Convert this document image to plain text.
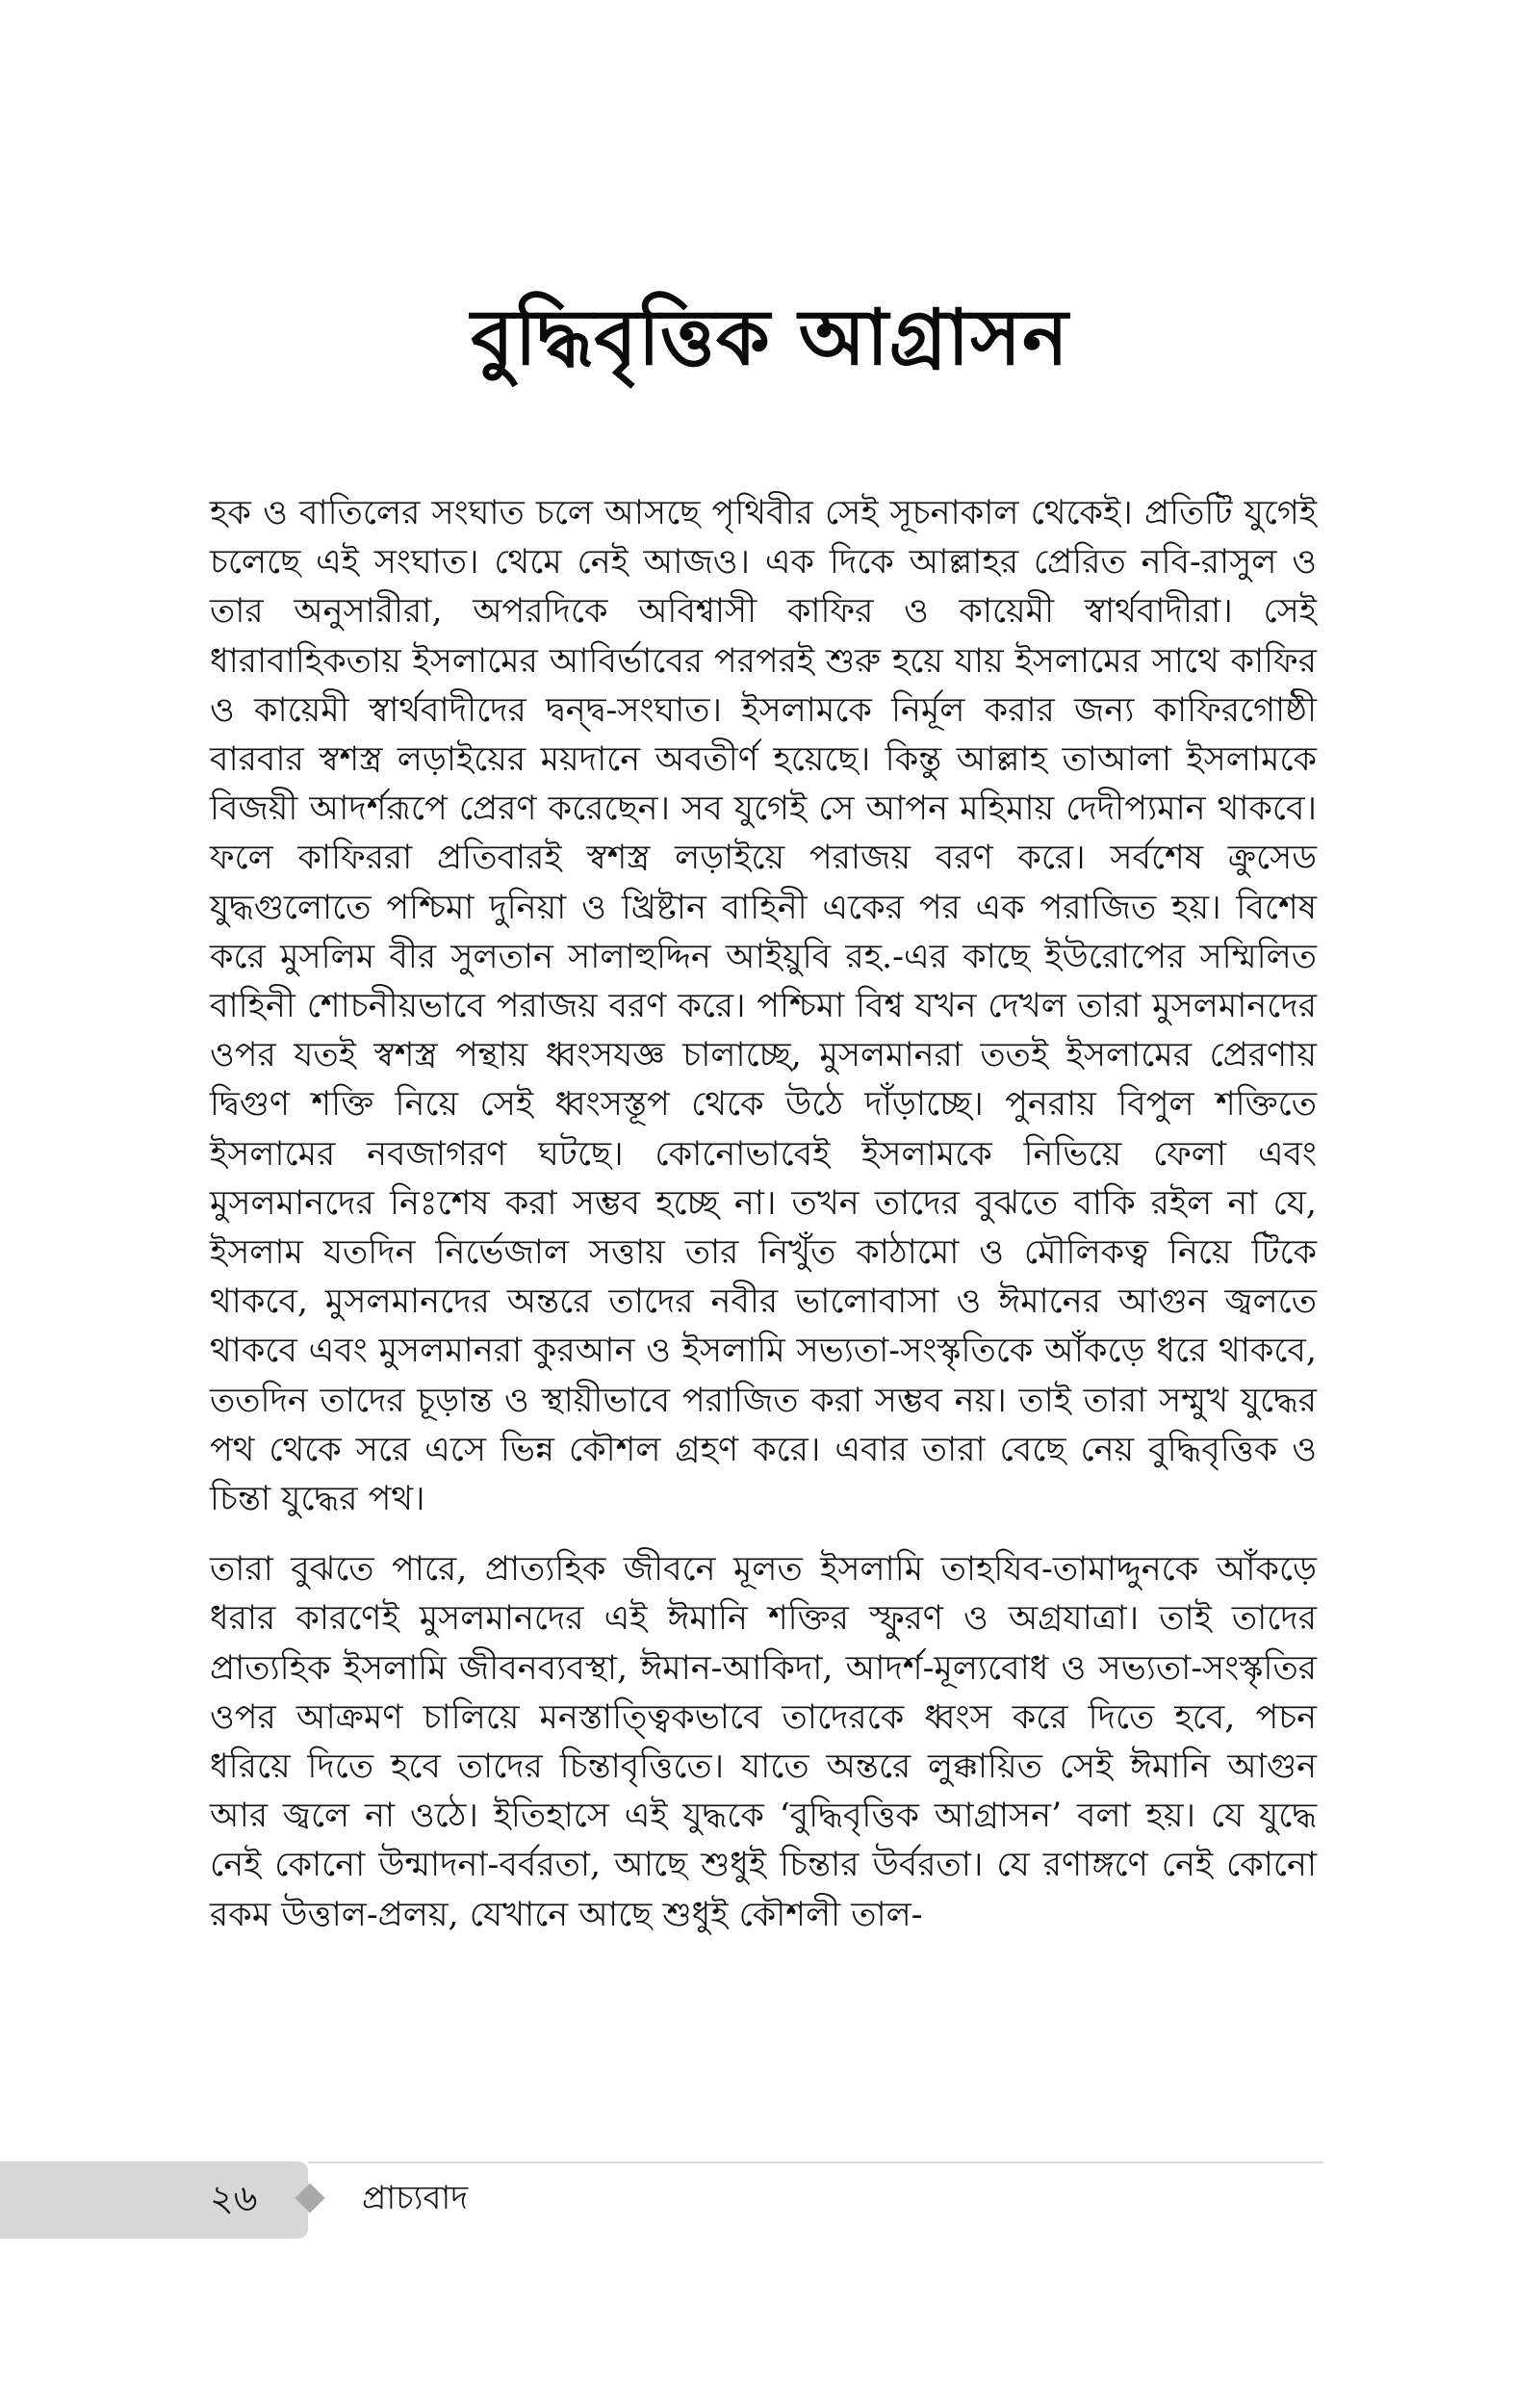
বুদ্ধিবৃত্তিক আগ্রাসন

হক ও বাতিলের সংঘাত চলে আসছে পৃথিবীর সেই সূচনাকাল থেকেই। প্রতিটি যুগেই চলেছে এই সংঘাত। থেমে নেই আজও। এক দিকে আল্লাহর প্রেরিত নবি-রাসুল ও তার অনুসারীরা, অপরদিকে অবিশ্বাসী কাফির ও কায়েমী স্বার্থবাদীরা। সেই ধারাবাহিকতায় ইসলামের আবির্ভাবের পরপরই শুরু হয়ে যায় ইসলামের সাথে কাফির ও কায়েমী স্বার্থবাদীদের দ্বন্দ্ব-সংঘাত। ইসলামকে নির্মূল করার জন্য কাফিরগোষ্ঠী বারবার স্বশস্ত্র লড়াইয়ের ময়দানে অবতীর্ণ হয়েছে। কিন্তু আল্লাহ তাআলা ইসলামকে বিজয়ী আদর্শরূপে প্রেরণ করেছেন। সব যুগেই সে আপন মহিমায় দেদীপ্যমান থাকবে। ফলে কাফিররা প্রতিবারই স্বশস্ত্র লড়াইয়ে পরাজয় বরণ করে। সর্বশেষ ক্রুসেড যুদ্ধগুলোতে পশ্চিমা দুনিয়া ও খ্রিষ্টান বাহিনী একের পর এক পরাজিত হয়। বিশেষ করে মুসলিম বীর সুলতান সালাহুদ্দিন আইয়ুবি রহ.-এর কাছে ইউরোপের সম্মিলিত বাহিনী শোচনীয়ভাবে পরাজয় বরণ করে। পশ্চিমা বিশ্ব যখন দেখল তারা মুসলমানদের ওপর যতই স্বশস্ত্র পন্থায় ধ্বংসযজ্ঞ চালাচ্ছে, মুসলমানরা ততই ইসলামের প্রেরণায় দ্বিগুণ শক্তি নিয়ে সেই ধ্বংসস্তূপ থেকে উঠে দাঁড়াচ্ছে। পুনরায় বিপুল শক্তিতে ইসলামের নবজাগরণ ঘটছে। কোনোভাবেই ইসলামকে নিভিয়ে ফেলা এবং মুসলমানদের নিঃশেষ করা সম্ভব হচ্ছে না। তখন তাদের বুঝতে বাকি রইল না যে, ইসলাম যতদিন নির্ভেজাল সত্তায় তার নিখুঁত কাঠামো ও মৌলিকত্ব নিয়ে টিকে থাকবে, মুসলমানদের অন্তরে তাদের নবীর ভালোবাসা ও ঈমানের আগুন জ্বলতে থাকবে এবং মুসলমানরা কুরআন ও ইসলামি সভ্যতা-সংস্কৃতিকে আঁকড়ে ধরে থাকবে, ততদিন তাদের চূড়ান্ত ও স্থায়ীভাবে পরাজিত করা সম্ভব নয়। তাই তারা সম্মুখ যুদ্ধের পথ থেকে সরে এসে ভিন্ন কৌশল গ্রহণ করে। এবার তারা বেছে নেয় বুদ্ধিবৃত্তিক ও চিন্তা যুদ্ধের পথ।

তারা বুঝতে পারে, প্রাত্যহিক জীবনে মূলত ইসলামি তাহযিব-তামাদ্দুনকে আঁকড়ে ধরার কারণেই মুসলমানদের এই ঈমানি শক্তির স্ফুরণ ও অগ্রযাত্রা। তাই তাদের প্রাত্যহিক ইসলামি জীবনব্যবস্থা, ঈমান-আকিদা, আদর্শ-মূল্যবোধ ও সভ্যতা-সংস্কৃতির ওপর আক্রমণ চালিয়ে মনস্তাত্ত্বিকভাবে তাদেরকে ধ্বংস করে দিতে হবে, পচন ধরিয়ে দিতে হবে তাদের চিন্তাবৃত্তিতে। যাতে অন্তরে লুক্কায়িত সেই ঈমানি আগুন আর জ্বলে না ওঠে। ইতিহাসে এই যুদ্ধকে ‘বুদ্ধিবৃত্তিক আগ্রাসন’ বলা হয়। যে যুদ্ধে নেই কোনো উন্মাদনা-বর্বরতা, আছে শুধুই চিন্তার উর্বরতা। যে রণাঙ্গণে নেই কোনো রকম উত্তাল-প্রলয়, যেখানে আছে শুধুই কৌশলী তাল-

২৬	প্রাচ্যবাদ
